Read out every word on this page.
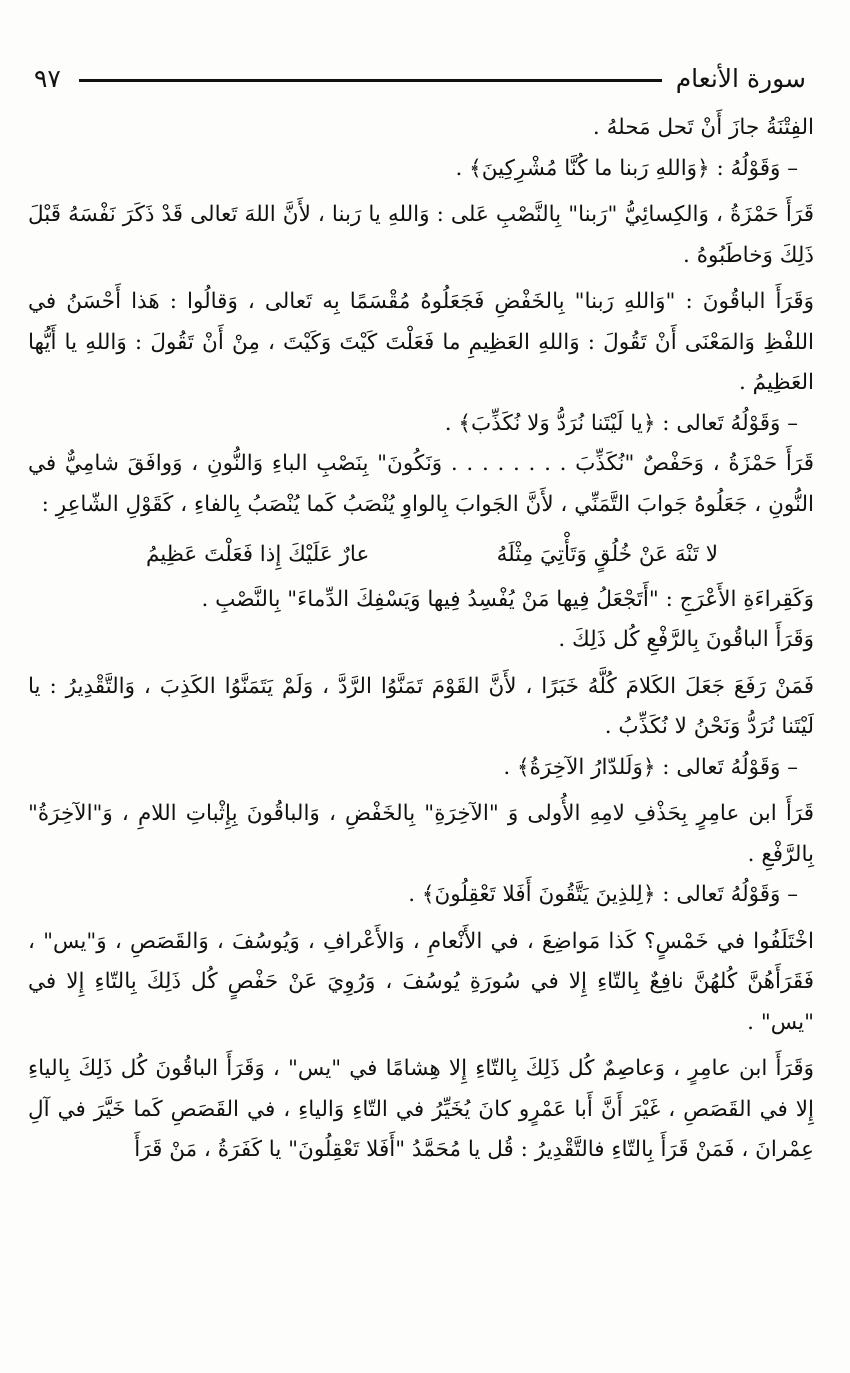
سورة الأنعام
٩٧

الفِتْنَةُ جازَ أَنْ تَحل مَحلهُ .

– وَقَوْلُهُ : ﴿وَاللهِ رَبنا ما كُنَّا مُشْرِكِينَ﴾ .

قَرَأَ حَمْزَةُ ، وَالكِسائِيُّ "رَبنا" بِالنَّصْبِ عَلى : وَاللهِ يا رَبنا ، لأَنَّ اللهَ تَعالى قَدْ ذَكَرَ نَفْسَهُ قَبْلَ ذَلِكَ وَخاطَبُوهُ .

وَقَرَأَ الباقُونَ : "وَاللهِ رَبنا" بِالخَفْضِ فَجَعَلُوهُ مُقْسَمًا بِه تَعالى ، وَقالُوا : هَذا أَحْسَنُ في اللفْظِ وَالمَعْنَى أَنْ تَقُولَ : وَاللهِ العَظِيمِ ما فَعَلْتَ كَيْتَ وَكَيْتَ ، مِنْ أَنْ تَقُولَ : وَاللهِ يا أَيُّها العَظِيمُ .

– وَقَوْلُهُ تَعالى : ﴿يا لَيْتَنا نُرَدُّ وَلا نُكَذِّبَ﴾ .

قَرَأَ حَمْزَةُ ، وَحَفْصٌ "نُكَذِّبَ . . . . . . . . وَنَكُونَ" بِنَصْبِ الباءِ وَالنُّونِ ، وَوافَقَ شامِيٌّ في النُّونِ ، جَعَلُوهُ جَوابَ التَّمَنِّي ، لأَنَّ الجَوابَ بِالواوِ يُنْصَبُ كَما يُنْصَبُ بِالفاءِ ، كَقَوْلِ الشّاعِرِ :

لا تَنْهَ عَنْ خُلُقٍ وَتَأْتِيَ مِثْلَهُ
عارٌ عَلَيْكَ إِذا فَعَلْتَ عَظِيمُ

وَكَقِراءَةِ الأَعْرَجِ : "أَتَجْعَلُ فِيها مَنْ يُفْسِدُ فِيها وَيَسْفِكَ الدِّماءَ" بِالنَّصْبِ .

وَقَرَأَ الباقُونَ بِالرَّفْعِ كُل ذَلِكَ .

فَمَنْ رَفَعَ جَعَلَ الكَلامَ كُلَّهُ خَبَرًا ، لأَنَّ القَوْمَ تَمَنَّوُا الرَّدَّ ، وَلَمْ يَتَمَنَّوُا الكَذِبَ ، وَالتَّقْدِيرُ : يا لَيْتَنا نُرَدُّ وَنَحْنُ لا نُكَذِّبُ .

– وَقَوْلُهُ تَعالى : ﴿وَلَلدّارُ الآخِرَةُ﴾ .

قَرَأَ ابن عامِرٍ بِحَذْفِ لامِهِ الأُولى وَ "الآخِرَةِ" بِالخَفْضِ ، وَالباقُونَ بِإِثْباتِ اللامِ ، وَ"الآخِرَةُ" بِالرَّفْعِ .

– وَقَوْلُهُ تَعالى : ﴿لِلذِينَ يَتَّقُونَ أَفَلا تَعْقِلُونَ﴾ .

اخْتَلَفُوا في خَمْسٍ؟ كَذا مَواضِعَ ، في الأَنْعامِ ، وَالأَعْرافِ ، وَيُوسُفَ ، وَالقَصَصِ ، وَ"يس" ، فَقَرَأَهُنَّ كُلهُنَّ نافِعٌ بِالتّاءِ إِلا في سُورَةِ يُوسُفَ ، وَرُوِيَ عَنْ حَفْصٍ كُل ذَلِكَ بِالتّاءِ إِلا في "يس" .

وَقَرَأَ ابن عامِرٍ ، وَعاصِمٌ كُل ذَلِكَ بِالتّاءِ إِلا هِشامًا في "يس" ، وَقَرَأَ الباقُونَ كُل ذَلِكَ بِالياءِ إِلا في القَصَصِ ، غَيْرَ أَنَّ أَبا عَمْرٍو كانَ يُخَيِّرُ في التّاءِ وَالياءِ ، في القَصَصِ كَما خَيَّرَ في آلِ عِمْرانَ ، فَمَنْ قَرَأَ بِالتّاءِ فالتَّقْدِيرُ : قُل يا مُحَمَّدُ "أَفَلا تَعْقِلُونَ" يا كَفَرَةُ ، مَنْ قَرَأَ
